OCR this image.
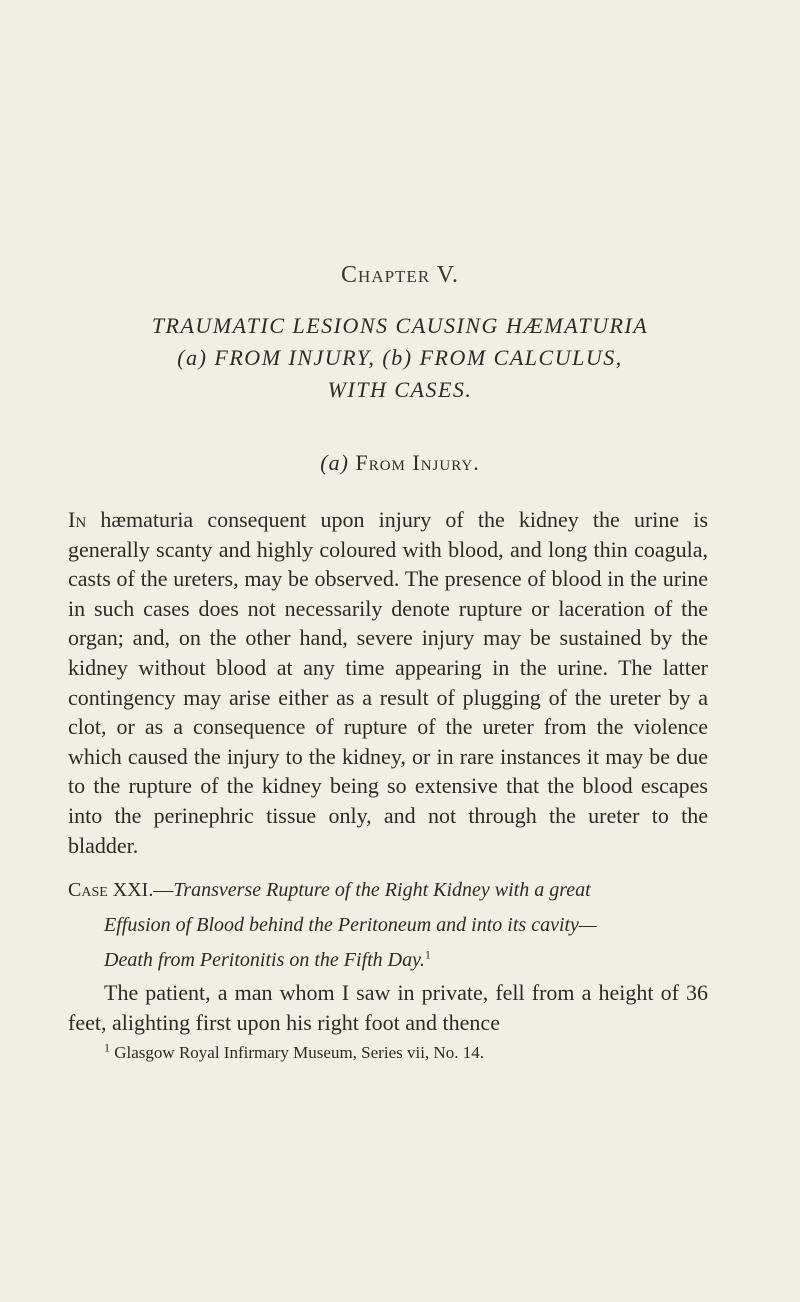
Chapter V.
TRAUMATIC LESIONS CAUSING HÆMATURIA
(a) FROM INJURY, (b) FROM CALCULUS,
WITH CASES.
(a) From Injury.
In hæmaturia consequent upon injury of the kidney the urine is generally scanty and highly coloured with blood, and long thin coagula, casts of the ureters, may be observed. The presence of blood in the urine in such cases does not necessarily denote rupture or laceration of the organ; and, on the other hand, severe injury may be sustained by the kidney without blood at any time appearing in the urine. The latter contingency may arise either as a result of plugging of the ureter by a clot, or as a consequence of rupture of the ureter from the violence which caused the injury to the kidney, or in rare instances it may be due to the rupture of the kidney being so extensive that the blood escapes into the perinephric tissue only, and not through the ureter to the bladder.
Case XXI.—Transverse Rupture of the Right Kidney with a great
Effusion of Blood behind the Peritoneum and into its cavity—
Death from Peritonitis on the Fifth Day.$^1$
The patient, a man whom I saw in private, fell from a height of 36 feet, alighting first upon his right foot and thence
$^1$ Glasgow Royal Infirmary Museum, Series vii, No. 14.
